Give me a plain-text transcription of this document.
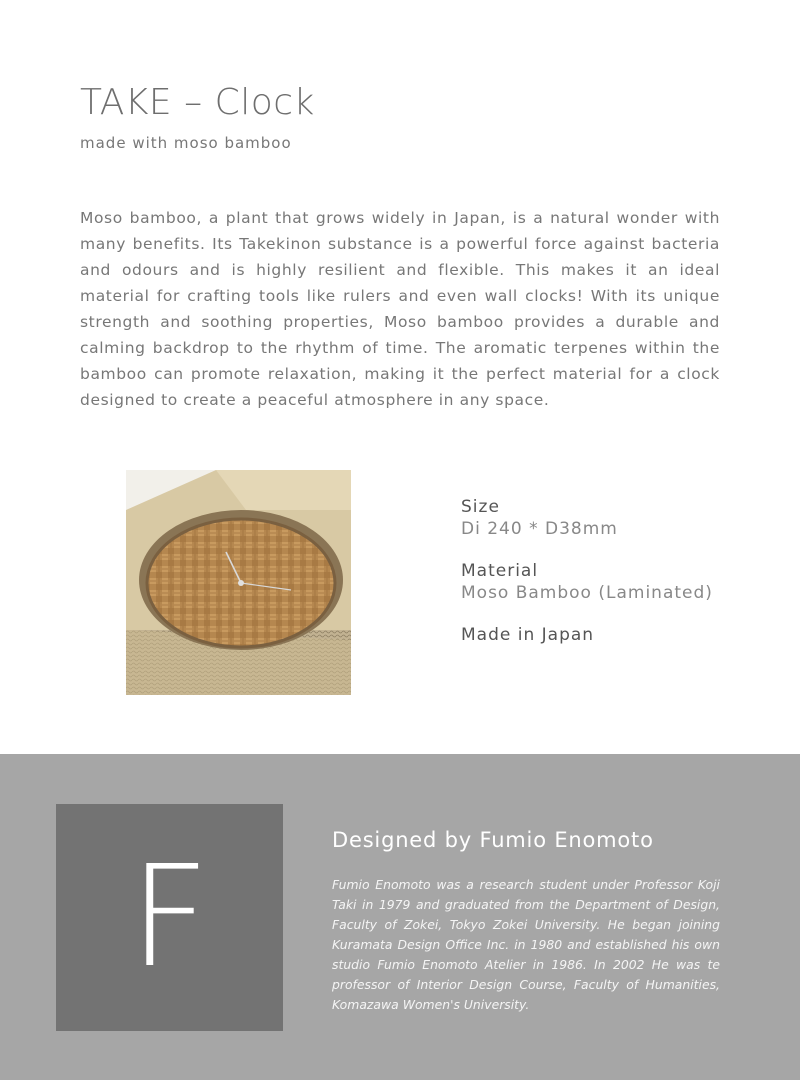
TAKE – Clock
made with moso bamboo

Moso bamboo, a plant that grows widely in Japan, is a natural wonder with many benefits. Its Takekinon substance is a powerful force against bacteria and odours and is highly resilient and flexible. This makes it an ideal material for crafting tools like rulers and even wall clocks! With its unique strength and soothing properties, Moso bamboo provides a durable and calming backdrop to the rhythm of time. The aromatic terpenes within the bamboo can promote relaxation, making it the perfect material for a clock designed to create a peaceful atmosphere in any space.

Size
Di 240 * D38mm
Material
Moso Bamboo (Laminated)
Made in Japan
F	Designed by Fumio Enomoto

Fumio Enomoto was a research student under Professor Koji Taki in 1979 and graduated from the Department of Design, Faculty of Zokei, Tokyo Zokei University. He began joining Kuramata Design Office Inc. in 1980 and established his own studio Fumio Enomoto Atelier in 1986. In 2002 He was te professor of Interior Design Course, Faculty of Humanities, Komazawa Women's University.
